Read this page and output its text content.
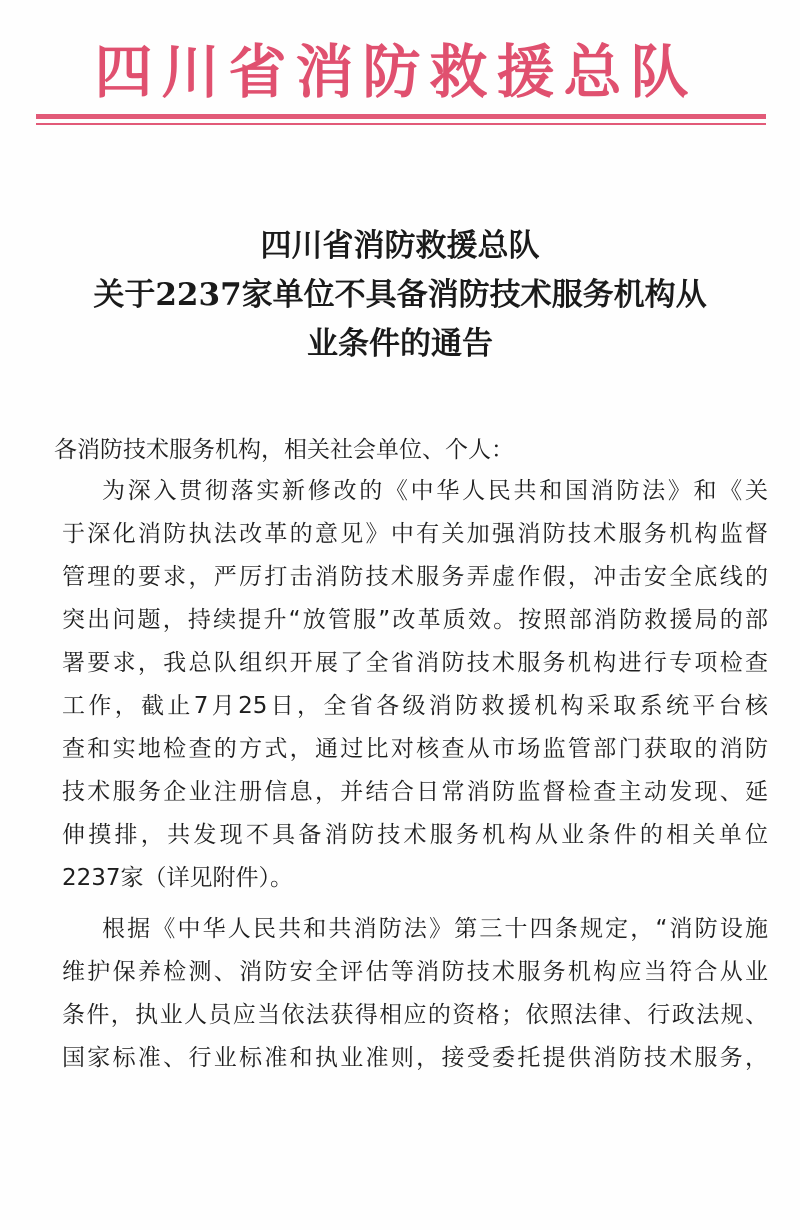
四川省消防救援总队
四川省消防救援总队
关于2237家单位不具备消防技术服务机构从
业条件的通告
各消防技术服务机构，相关社会单位、个人：
为深入贯彻落实新修改的《中华人民共和国消防法》和《关
于深化消防执法改革的意见》中有关加强消防技术服务机构监督
管理的要求，严厉打击消防技术服务弄虚作假，冲击安全底线的
突出问题，持续提升“放管服”改革质效。按照部消防救援局的部
署要求，我总队组织开展了全省消防技术服务机构进行专项检查
工作，截止7月25日，全省各级消防救援机构采取系统平台核
查和实地检查的方式，通过比对核查从市场监管部门获取的消防
技术服务企业注册信息，并结合日常消防监督检查主动发现、延
伸摸排，共发现不具备消防技术服务机构从业条件的相关单位
2237家（详见附件）。
根据《中华人民共和共消防法》第三十四条规定，“消防设施
维护保养检测、消防安全评估等消防技术服务机构应当符合从业
条件，执业人员应当依法获得相应的资格；依照法律、行政法规、
国家标准、行业标准和执业准则，接受委托提供消防技术服务，
